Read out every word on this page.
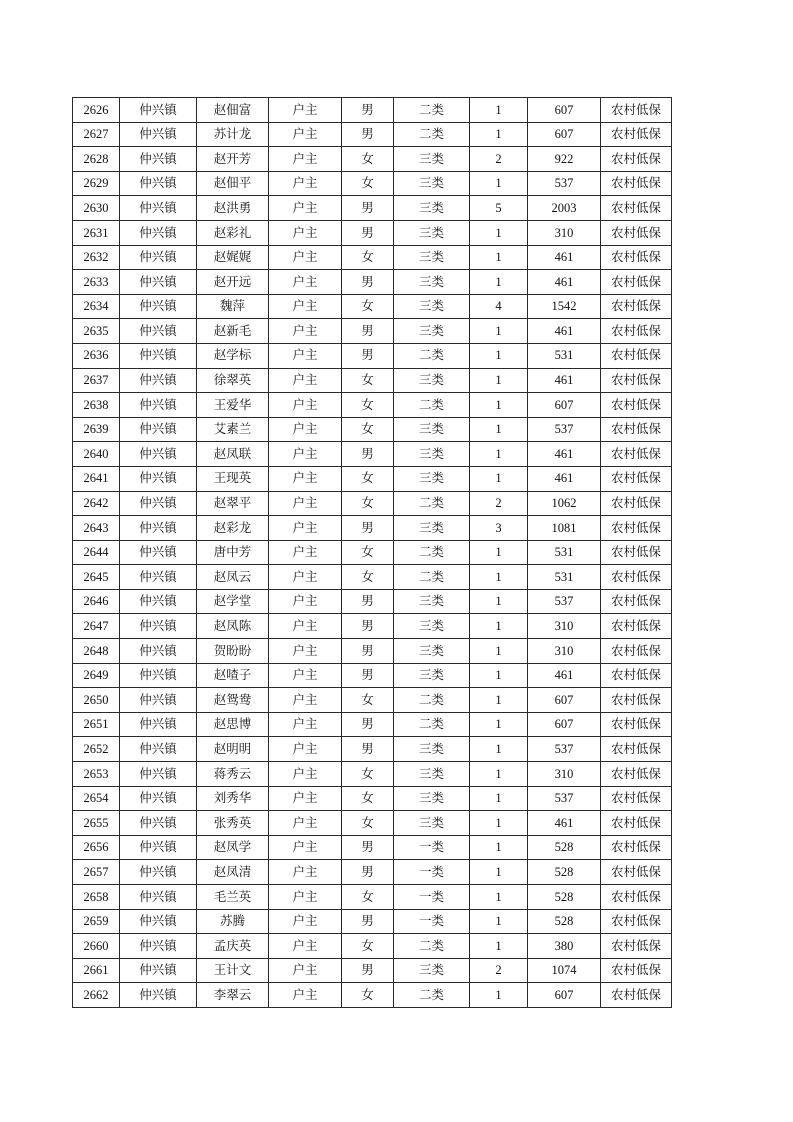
2626	仲兴镇	赵佃富	户主	男	二类	1	607	农村低保
2627	仲兴镇	苏计龙	户主	男	二类	1	607	农村低保
2628	仲兴镇	赵开芳	户主	女	三类	2	922	农村低保
2629	仲兴镇	赵佃平	户主	女	三类	1	537	农村低保
2630	仲兴镇	赵洪勇	户主	男	三类	5	2003	农村低保
2631	仲兴镇	赵彩礼	户主	男	三类	1	310	农村低保
2632	仲兴镇	赵娓娓	户主	女	三类	1	461	农村低保
2633	仲兴镇	赵开远	户主	男	三类	1	461	农村低保
2634	仲兴镇	魏萍	户主	女	三类	4	1542	农村低保
2635	仲兴镇	赵新毛	户主	男	三类	1	461	农村低保
2636	仲兴镇	赵学标	户主	男	二类	1	531	农村低保
2637	仲兴镇	徐翠英	户主	女	三类	1	461	农村低保
2638	仲兴镇	王爱华	户主	女	二类	1	607	农村低保
2639	仲兴镇	艾素兰	户主	女	三类	1	537	农村低保
2640	仲兴镇	赵凤联	户主	男	三类	1	461	农村低保
2641	仲兴镇	王现英	户主	女	三类	1	461	农村低保
2642	仲兴镇	赵翠平	户主	女	二类	2	1062	农村低保
2643	仲兴镇	赵彩龙	户主	男	三类	3	1081	农村低保
2644	仲兴镇	唐中芳	户主	女	二类	1	531	农村低保
2645	仲兴镇	赵凤云	户主	女	二类	1	531	农村低保
2646	仲兴镇	赵学堂	户主	男	三类	1	537	农村低保
2647	仲兴镇	赵凤陈	户主	男	三类	1	310	农村低保
2648	仲兴镇	贺盼盼	户主	男	三类	1	310	农村低保
2649	仲兴镇	赵喳子	户主	男	三类	1	461	农村低保
2650	仲兴镇	赵鸳鸯	户主	女	二类	1	607	农村低保
2651	仲兴镇	赵思博	户主	男	二类	1	607	农村低保
2652	仲兴镇	赵明明	户主	男	三类	1	537	农村低保
2653	仲兴镇	蒋秀云	户主	女	三类	1	310	农村低保
2654	仲兴镇	刘秀华	户主	女	三类	1	537	农村低保
2655	仲兴镇	张秀英	户主	女	三类	1	461	农村低保
2656	仲兴镇	赵凤学	户主	男	一类	1	528	农村低保
2657	仲兴镇	赵凤清	户主	男	一类	1	528	农村低保
2658	仲兴镇	毛兰英	户主	女	一类	1	528	农村低保
2659	仲兴镇	苏腾	户主	男	一类	1	528	农村低保
2660	仲兴镇	孟庆英	户主	女	二类	1	380	农村低保
2661	仲兴镇	王计文	户主	男	三类	2	1074	农村低保
2662	仲兴镇	李翠云	户主	女	二类	1	607	农村低保
